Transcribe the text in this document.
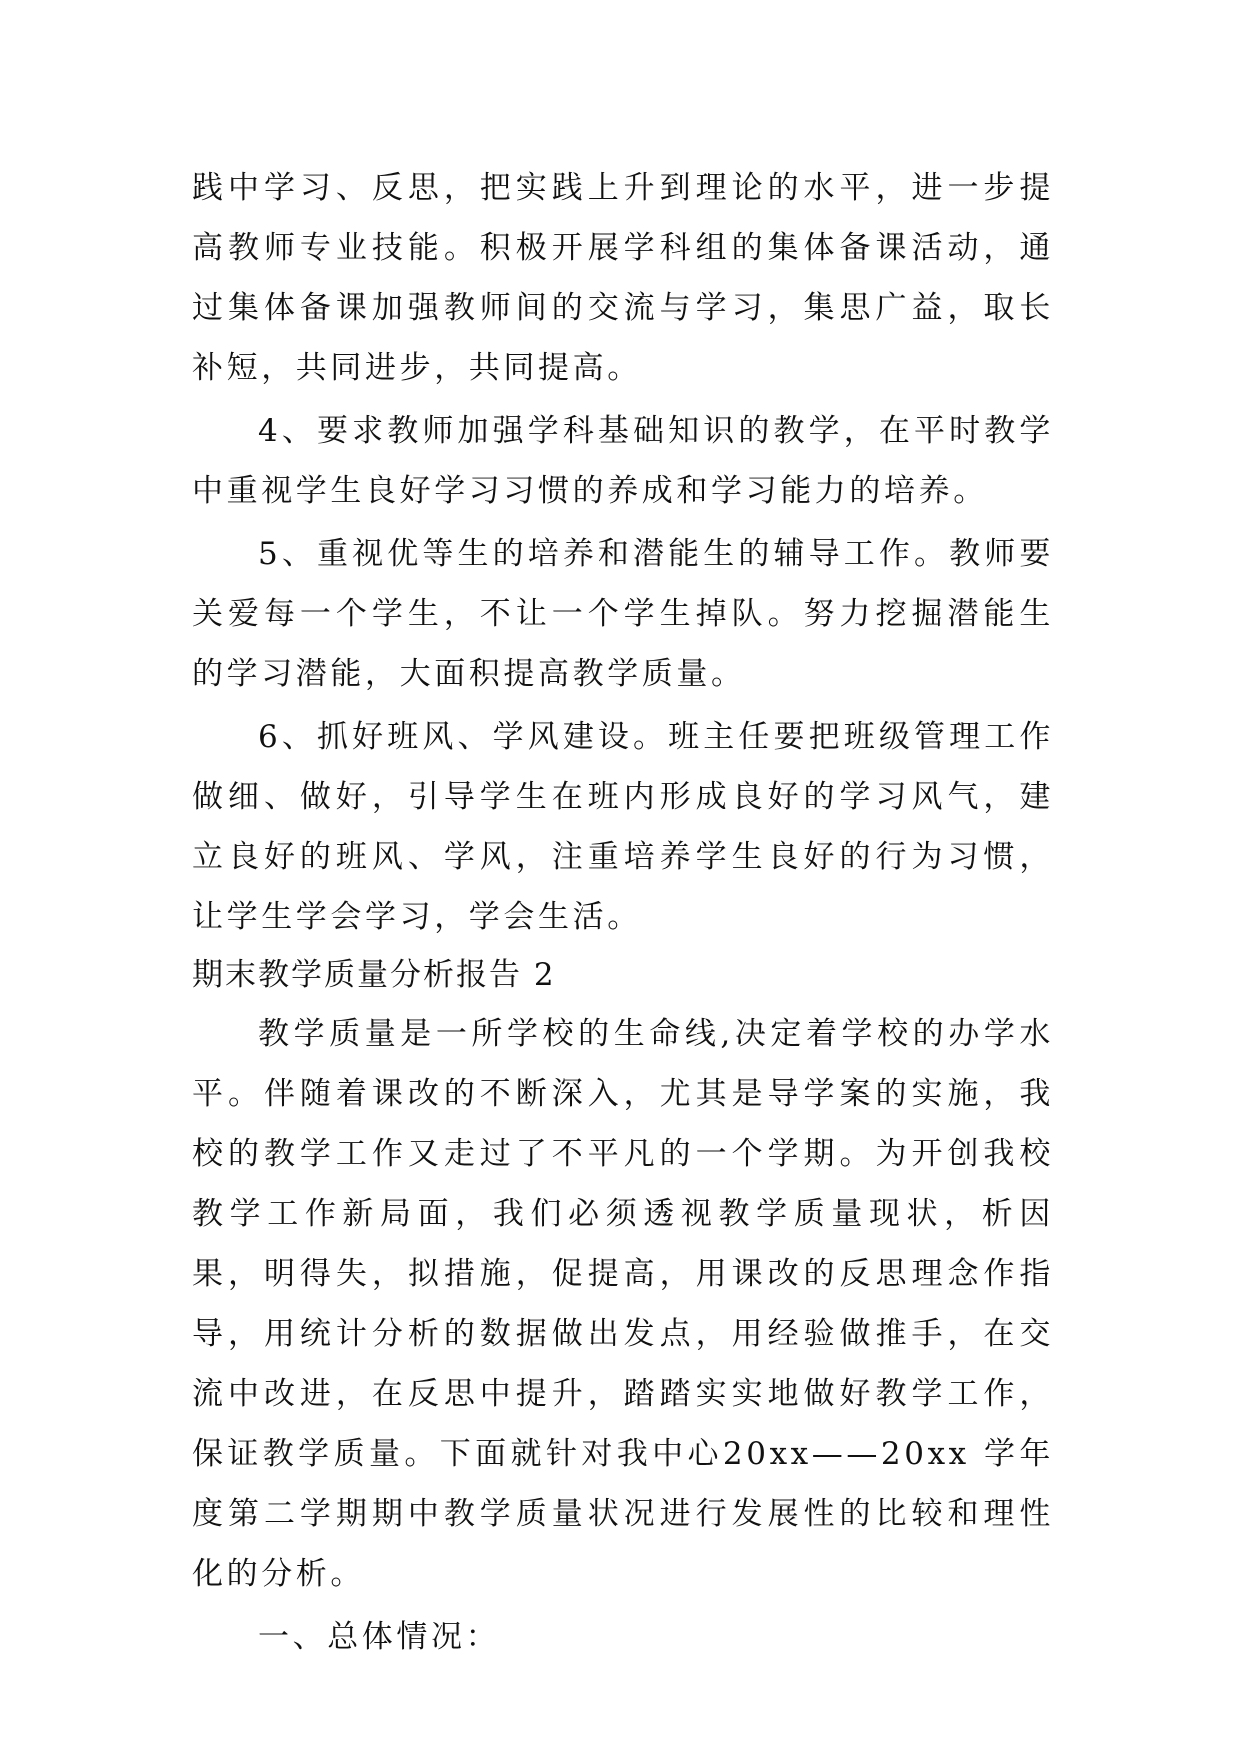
践中学习、反思，把实践上升到理论的水平，进一步提高教师专业技能。积极开展学科组的集体备课活动，通过集体备课加强教师间的交流与学习，集思广益，取长补短，共同进步，共同提高。

4、要求教师加强学科基础知识的教学，在平时教学中重视学生良好学习习惯的养成和学习能力的培养。

5、重视优等生的培养和潜能生的辅导工作。教师要关爱每一个学生，不让一个学生掉队。努力挖掘潜能生的学习潜能，大面积提高教学质量。

6、抓好班风、学风建设。班主任要把班级管理工作做细、做好，引导学生在班内形成良好的学习风气，建立良好的班风、学风，注重培养学生良好的行为习惯，让学生学会学习，学会生活。

期末教学质量分析报告 2

教学质量是一所学校的生命线,决定着学校的办学水平。伴随着课改的不断深入，尤其是导学案的实施，我校的教学工作又走过了不平凡的一个学期。为开创我校教学工作新局面，我们必须透视教学质量现状，析因果，明得失，拟措施，促提高，用课改的反思理念作指导，用统计分析的数据做出发点，用经验做推手，在交流中改进，在反思中提升，踏踏实实地做好教学工作，保证教学质量。下面就针对我中心20xx——20xx 学年度第二学期期中教学质量状况进行发展性的比较和理性化的分析。

一、总体情况：
